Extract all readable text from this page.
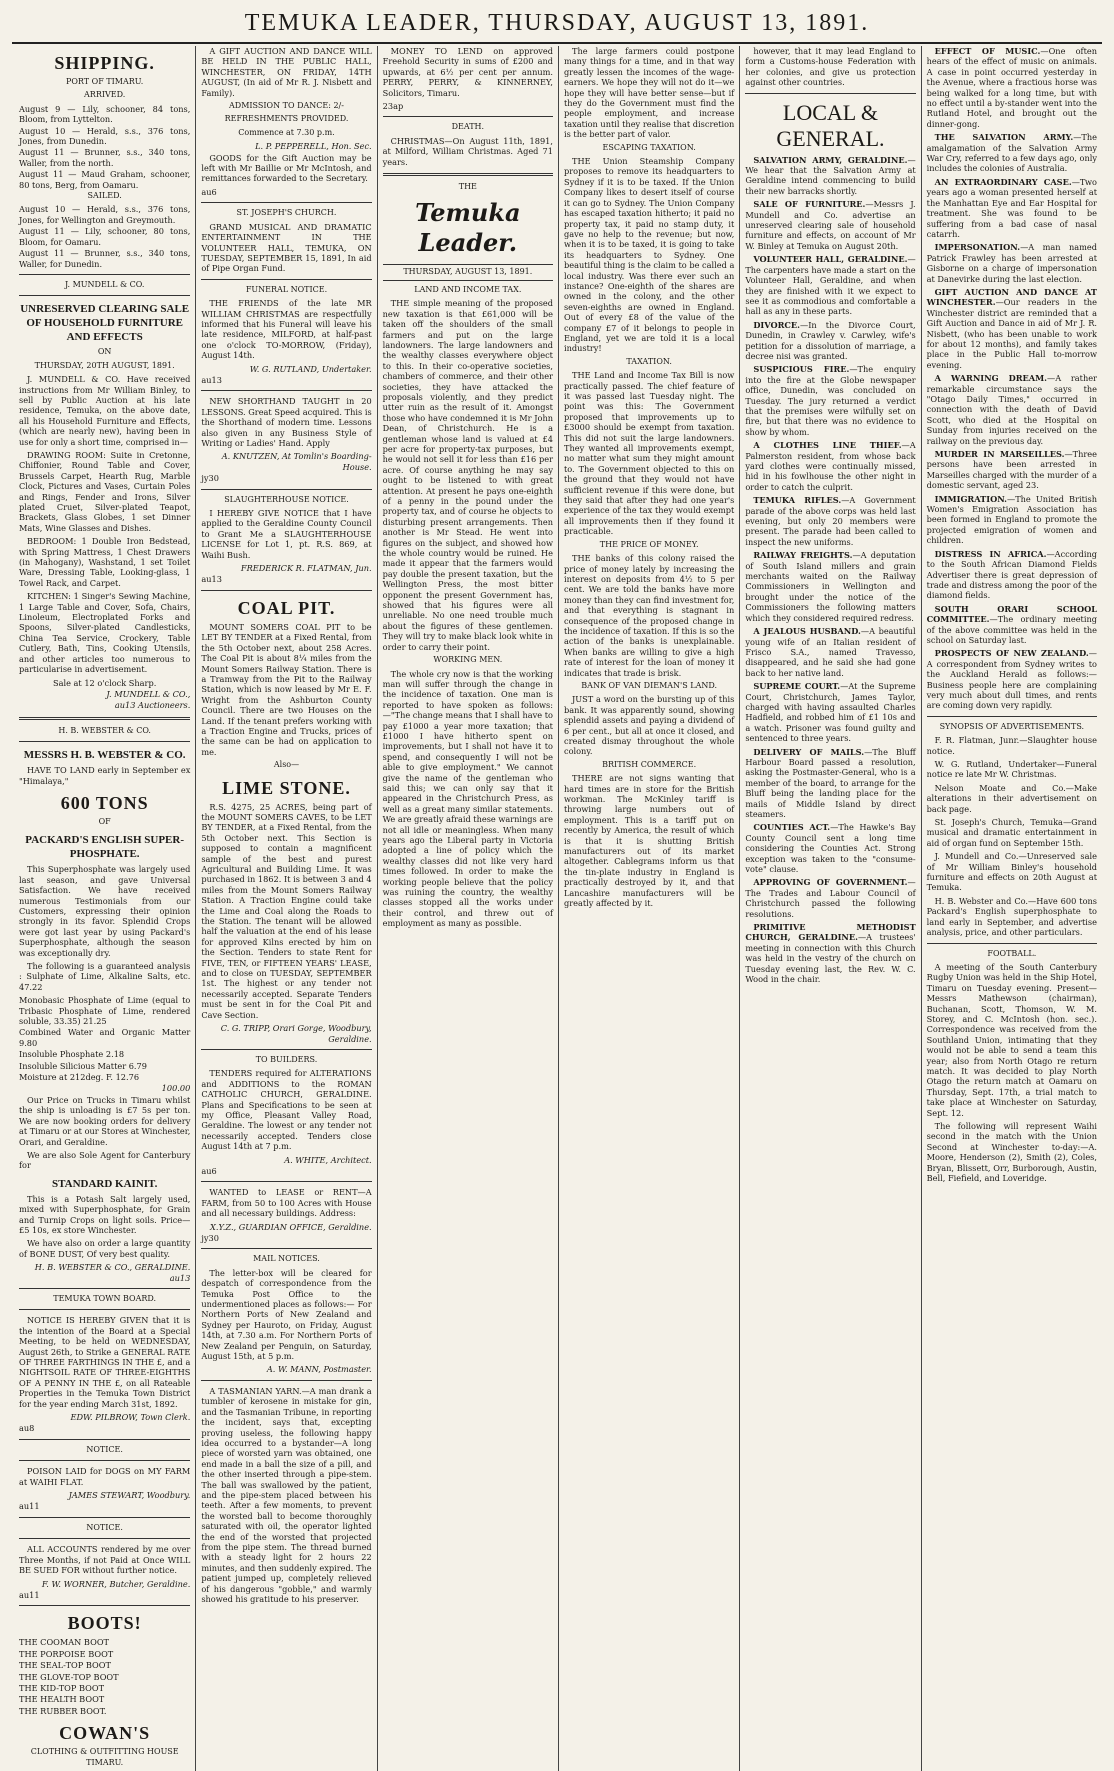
TEMUKA LEADER, THURSDAY, AUGUST 13, 1891.
SHIPPING.
PORT OF TIMARU.
ARRIVED.
August 9 — Lily, schooner, 84 tons, Bloom, from Lyttelton.
August 10 — Herald, s.s., 376 tons, Jones, from Dunedin.
August 11 — Brunner, s.s., 340 tons, Waller, from the north.
August 11 — Maud Graham, schooner, 80 tons, Berg, from Oamaru.
SAILED.
August 10 — Herald, s.s., 376 tons, Jones, for Wellington and Greymouth.
August 11 — Lily, schooner, 80 tons, Bloom, for Oamaru.
August 11 — Brunner, s.s., 340 tons, Waller, for Dunedin.
J. MUNDELL & CO.
UNRESERVED CLEARING SALE OF HOUSEHOLD FURNITURE AND EFFECTS
ON
THURSDAY, 20TH AUGUST, 1891.

J. MUNDELL & CO. Have received instructions from Mr William Binley, to sell by Public Auction at his late residence, Temuka, on the above date, all his Household Furniture and Effects, (which are nearly new), having been in use for only a short time, comprised in—

DRAWING ROOM: Suite in Cretonne, Chiffonier, Round Table and Cover, Brussels Carpet, Hearth Rug, Marble Clock, Pictures and Vases, Curtain Poles and Rings, Fender and Irons, Silver plated Cruet, Silver-plated Teapot, Brackets, Glass Globes, 1 set Dinner Mats, Wine Glasses and Dishes.

BEDROOM: 1 Double Iron Bedstead, with Spring Mattress, 1 Chest Drawers (in Mahogany), Washstand, 1 set Toilet Ware, Dressing Table, Looking-glass, 1 Towel Rack, and Carpet.

KITCHEN: 1 Singer's Sewing Machine, 1 Large Table and Cover, Sofa, Chairs, Linoleum, Electroplated Forks and Spoons, Silver-plated Candlesticks, China Tea Service, Crockery, Table Cutlery, Bath, Tins, Cooking Utensils, and other articles too numerous to particularise in advertisement.

Sale at 12 o'clock Sharp.
J. MUNDELL & CO.,
au13 Auctioneers.
H. B. WEBSTER & CO.
MESSRS H. B. WEBSTER & CO.

HAVE TO LAND early in September ex "Himalaya,"

600 TONS
OF
PACKARD'S ENGLISH SUPER-PHOSPHATE.

This Superphosphate was largely used last season, and gave Universal Satisfaction. We have received numerous Testimonials from our Customers, expressing their opinion strongly in its favor. Splendid Crops were got last year by using Packard's Superphosphate, although the season was exceptionally dry.

The following is a guaranteed analysis : Sulphate of Lime, Alkaline Salts, etc. 47.22

Monobasic Phosphate of Lime (equal to Tribasic Phosphate of Lime, rendered soluble, 33.35) 21.25
Combined Water and Organic Matter 9.80
Insoluble Phosphate 2.18
Insoluble Silicious Matter 6.79
Moisture at 212deg. F. 12.76
100.00

Our Price on Trucks in Timaru whilst the ship is unloading is £7 5s per ton. We are now booking orders for delivery at Timaru or at our Stores at Winchester, Orari, and Geraldine.

We are also Sole Agent for Canterbury for

STANDARD KAINIT.

This is a Potash Salt largely used, mixed with Superphosphate, for Grain and Turnip Crops on light soils. Price—£5 10s, ex store Winchester.

We have also on order a large quantity of BONE DUST, Of very best quality.

H. B. WEBSTER & CO., GERALDINE. au13
TEMUKA TOWN BOARD.

NOTICE IS HEREBY GIVEN that it is the intention of the Board at a Special Meeting, to be held on WEDNESDAY, August 26th, to Strike a GENERAL RATE OF THREE FARTHINGS IN THE £, and a NIGHTSOIL RATE OF THREE-EIGHTHS OF A PENNY IN THE £, on all Rateable Properties in the Temuka Town District for the year ending March 31st, 1892.

EDW. PILBROW, Town Clerk.
au8
NOTICE.

POISON LAID for DOGS on MY FARM at WAIHI FLAT.

JAMES STEWART, Woodbury.
au11
NOTICE.

ALL ACCOUNTS rendered by me over Three Months, if not Paid at Once WILL BE SUED FOR without further notice.

F. W. WORNER, Butcher, Geraldine.
au11
BOOTS!
THE COOMAN BOOT
THE PORPOISE BOOT
THE SEAL-TOP BOOT
THE GLOVE-TOP BOOT
THE KID-TOP BOOT
THE HEALTH BOOT
THE RUBBER BOOT.
COWAN'S
CLOTHING & OUTFITTING HOUSE TIMARU.

A GIFT AUCTION AND DANCE WILL BE HELD IN THE PUBLIC HALL, WINCHESTER, ON FRIDAY, 14TH AUGUST, (In aid of Mr R. J. Nisbett and Family).

ADMISSION TO DANCE: 2/-
REFRESHMENTS PROVIDED.
Commence at 7.30 p.m.
L. P. PEPPERELL, Hon. Sec.

GOODS for the Gift Auction may be left with Mr Baillie or Mr McIntosh, and remittances forwarded to the Secretary.

au6
ST. JOSEPH'S CHURCH.

GRAND MUSICAL AND DRAMATIC ENTERTAINMENT IN THE VOLUNTEER HALL, TEMUKA, ON TUESDAY, SEPTEMBER 15, 1891, In aid of Pipe Organ Fund.

FUNERAL NOTICE.

THE FRIENDS of the late MR WILLIAM CHRISTMAS are respectfully informed that his Funeral will leave his late residence, MILFORD, at half-past one o'clock TO-MORROW, (Friday), August 14th.

W. G. RUTLAND, Undertaker.
au13

NEW SHORTHAND TAUGHT in 20 LESSONS. Great Speed acquired. This is the Shorthand of modern time. Lessons also given in any Business Style of Writing or Ladies' Hand. Apply

A. KNUTZEN, At Tomlin's Boarding-House.
jy30
SLAUGHTERHOUSE NOTICE.

I HEREBY GIVE NOTICE that I have applied to the Geraldine County Council to Grant Me a SLAUGHTERHOUSE LICENSE for Lot 1, pt. R.S. 869, at Waihi Bush.

FREDERICK R. FLATMAN, Jun.
au13
COAL PIT.

MOUNT SOMERS COAL PIT to be LET BY TENDER at a Fixed Rental, from the 5th October next, about 258 Acres. The Coal Pit is about 8¼ miles from the Mount Somers Railway Station. There is a Tramway from the Pit to the Railway Station, which is now leased by Mr E. F. Wright from the Ashburton County Council. There are two Houses on the Land. If the tenant prefers working with a Traction Engine and Trucks, prices of the same can be had on application to me.

Also—
LIME STONE.

R.S. 4275, 25 ACRES, being part of the MOUNT SOMERS CAVES, to be LET BY TENDER, at a Fixed Rental, from the 5th October next. This Section is supposed to contain a magnificent sample of the best and purest Agricultural and Building Lime. It was purchased in 1862. It is between 3 and 4 miles from the Mount Somers Railway Station. A Traction Engine could take the Lime and Coal along the Roads to the Station. The tenant will be allowed half the valuation at the end of his lease for approved Kilns erected by him on the Section. Tenders to state Rent for FIVE, TEN, or FIFTEEN YEARS' LEASE, and to close on TUESDAY, SEPTEMBER 1st. The highest or any tender not necessarily accepted. Separate Tenders must be sent in for the Coal Pit and Cave Section.

C. G. TRIPP, Orari Gorge, Woodbury, Geraldine.
TO BUILDERS.

TENDERS required for ALTERATIONS and ADDITIONS to the ROMAN CATHOLIC CHURCH, GERALDINE. Plans and Specifications to be seen at my Office, Pleasant Valley Road, Geraldine. The lowest or any tender not necessarily accepted. Tenders close August 14th at 7 p.m.

A. WHITE, Architect.
au6

WANTED to LEASE or RENT—A FARM, from 50 to 100 Acres with House and all necessary buildings. Address:

X.Y.Z., GUARDIAN OFFICE, Geraldine.
jy30
MAIL NOTICES.

The letter-box will be cleared for despatch of correspondence from the Temuka Post Office to the undermentioned places as follows:— For Northern Ports of New Zealand and Sydney per Hauroto, on Friday, August 14th, at 7.30 a.m. For Northern Ports of New Zealand per Penguin, on Saturday, August 15th, at 5 p.m.

A. W. MANN, Postmaster.

A TASMANIAN YARN.—A man drank a tumbler of kerosene in mistake for gin, and the Tasmanian Tribune, in reporting the incident, says that, excepting proving useless, the following happy idea occurred to a bystander—A long piece of worsted yarn was obtained, one end made in a ball the size of a pill, and the other inserted through a pipe-stem. The ball was swallowed by the patient, and the pipe-stem placed between his teeth. After a few moments, to prevent the worsted ball to become thoroughly saturated with oil, the operator lighted the end of the worsted that projected from the pipe stem. The thread burned with a steady light for 2 hours 22 minutes, and then suddenly expired. The patient jumped up, completely relieved of his dangerous "gobble," and warmly showed his gratitude to his preserver.

MONEY TO LEND on approved Freehold Security in sums of £200 and upwards, at 6½ per cent per annum. PERRY, PERRY, & KINNERNEY, Solicitors, Timaru.

23ap
DEATH.

CHRISTMAS—On August 11th, 1891, at Milford, William Christmas. Aged 71 years.

THE
Temuka Leader.
THURSDAY, AUGUST 13, 1891.
LAND AND INCOME TAX.

THE simple meaning of the proposed new taxation is that £61,000 will be taken off the shoulders of the small farmers and put on the large landowners. The large landowners and the wealthy classes everywhere object to this. In their co-operative societies, chambers of commerce, and their other societies, they have attacked the proposals violently, and they predict utter ruin as the result of it. Amongst those who have condemned it is Mr John Dean, of Christchurch. He is a gentleman whose land is valued at £4 per acre for property-tax purposes, but he would not sell it for less than £16 per acre. Of course anything he may say ought to be listened to with great attention. At present he pays one-eighth of a penny in the pound under the property tax, and of course he objects to disturbing present arrangements. Then another is Mr Stead. He went into figures on the subject, and showed how the whole country would be ruined. He made it appear that the farmers would pay double the present taxation, but the Wellington Press, the most bitter opponent the present Government has, showed that his figures were all unreliable. No one need trouble much about the figures of these gentlemen. They will try to make black look white in order to carry their point.

WORKING MEN.

The whole cry now is that the working man will suffer through the change in the incidence of taxation. One man is reported to have spoken as follows:—"The change means that I shall have to pay £1000 a year more taxation; that £1000 I have hitherto spent on improvements, but I shall not have it to spend, and consequently I will not be able to give employment." We cannot give the name of the gentleman who said this; we can only say that it appeared in the Christchurch Press, as well as a great many similar statements. We are greatly afraid these warnings are not all idle or meaningless. When many years ago the Liberal party in Victoria adopted a line of policy which the wealthy classes did not like very hard times followed. In order to make the working people believe that the policy was ruining the country, the wealthy classes stopped all the works under their control, and threw out of employment as many as possible.

The large farmers could postpone many things for a time, and in that way greatly lessen the incomes of the wage-earners. We hope they will not do it—we hope they will have better sense—but if they do the Government must find the people employment, and increase taxation until they realise that discretion is the better part of valor.

ESCAPING TAXATION.

THE Union Steamship Company proposes to remove its headquarters to Sydney if it is to be taxed. If the Union Company likes to desert itself of course it can go to Sydney. The Union Company has escaped taxation hitherto; it paid no property tax, it paid no stamp duty, it gave no help to the revenue; but now, when it is to be taxed, it is going to take its headquarters to Sydney. One beautiful thing is the claim to be called a local industry. Was there ever such an instance? One-eighth of the shares are owned in the colony, and the other seven-eighths are owned in England. Out of every £8 of the value of the company £7 of it belongs to people in England, yet we are told it is a local industry!

TAXATION.

THE Land and Income Tax Bill is now practically passed. The chief feature of it was passed last Tuesday night. The point was this: The Government proposed that improvements up to £3000 should be exempt from taxation. This did not suit the large landowners. They wanted all improvements exempt, no matter what sum they might amount to. The Government objected to this on the ground that they would not have sufficient revenue if this were done, but they said that after they had one year's experience of the tax they would exempt all improvements then if they found it practicable.

THE PRICE OF MONEY.

THE banks of this colony raised the price of money lately by increasing the interest on deposits from 4½ to 5 per cent. We are told the banks have more money than they can find investment for, and that everything is stagnant in consequence of the proposed change in the incidence of taxation. If this is so the action of the banks is unexplainable. When banks are willing to give a high rate of interest for the loan of money it indicates that trade is brisk.

BANK OF VAN DIEMAN'S LAND.

JUST a word on the bursting up of this bank. It was apparently sound, showing splendid assets and paying a dividend of 6 per cent., but all at once it closed, and created dismay throughout the whole colony.

BRITISH COMMERCE.

THERE are not signs wanting that hard times are in store for the British workman. The McKinley tariff is throwing large numbers out of employment. This is a tariff put on recently by America, the result of which is that it is shutting British manufacturers out of its market altogether. Cablegrams inform us that the tin-plate industry in England is practically destroyed by it, and that Lancashire manufacturers will be greatly affected by it.

however, that it may lead England to form a Customs-house Federation with her colonies, and give us protection against other countries.

LOCAL & GENERAL.
SALVATION ARMY, GERALDINE.—We hear that the Salvation Army at Geraldine intend commencing to build their new barracks shortly.
SALE OF FURNITURE.—Messrs J. Mundell and Co. advertise an unreserved clearing sale of household furniture and effects, on account of Mr W. Binley at Temuka on August 20th.
VOLUNTEER HALL, GERALDINE.—The carpenters have made a start on the Volunteer Hall, Geraldine, and when they are finished with it we expect to see it as commodious and comfortable a hall as any in these parts.
DIVORCE.—In the Divorce Court, Dunedin, in Crawley v. Carwley, wife's petition for a dissolution of marriage, a decree nisi was granted.
SUSPICIOUS FIRE.—The enquiry into the fire at the Globe newspaper office, Dunedin, was concluded on Tuesday. The jury returned a verdict that the premises were wilfully set on fire, but that there was no evidence to show by whom.
A CLOTHES LINE THIEF.—A Palmerston resident, from whose back yard clothes were continually missed, hid in his fowlhouse the other night in order to catch the culprit.
TEMUKA RIFLES.—A Government parade of the above corps was held last evening, but only 20 members were present. The parade had been called to inspect the new uniforms.
RAILWAY FREIGHTS.—A deputation of South Island millers and grain merchants waited on the Railway Commissioners in Wellington and brought under the notice of the Commissioners the following matters which they considered required redress.
A JEALOUS HUSBAND.—A beautiful young wife of an Italian resident of Frisco S.A., named Travesso, disappeared, and he said she had gone back to her native land.
SUPREME COURT.—At the Supreme Court, Christchurch, James Taylor, charged with having assaulted Charles Hadfield, and robbed him of £1 10s and a watch. Prisoner was found guilty and sentenced to three years.
DELIVERY OF MAILS.—The Bluff Harbour Board passed a resolution, asking the Postmaster-General, who is a member of the board, to arrange for the Bluff being the landing place for the mails of Middle Island by direct steamers.
COUNTIES ACT.—The Hawke's Bay County Council sent a long time considering the Counties Act. Strong exception was taken to the "consume-vote" clause.
APPROVING OF GOVERNMENT.—The Trades and Labour Council of Christchurch passed the following resolutions.
PRIMITIVE METHODIST CHURCH, GERALDINE.—A trustees' meeting in connection with this Church was held in the vestry of the church on Tuesday evening last, the Rev. W. C. Wood in the chair.
EFFECT OF MUSIC.—One often hears of the effect of music on animals. A case in point occurred yesterday in the Avenue, where a fractious horse was being walked for a long time, but with no effect until a by-stander went into the Rutland Hotel, and brought out the dinner-gong.
THE SALVATION ARMY.—The amalgamation of the Salvation Army War Cry, referred to a few days ago, only includes the colonies of Australia.
AN EXTRAORDINARY CASE.—Two years ago a woman presented herself at the Manhattan Eye and Ear Hospital for treatment. She was found to be suffering from a bad case of nasal catarrh.
IMPERSONATION.—A man named Patrick Frawley has been arrested at Gisborne on a charge of impersonation at Danevirke during the last election.
GIFT AUCTION AND DANCE AT WINCHESTER.—Our readers in the Winchester district are reminded that a Gift Auction and Dance in aid of Mr J. R. Nisbett, (who has been unable to work for about 12 months), and family takes place in the Public Hall to-morrow evening.
A WARNING DREAM.—A rather remarkable circumstance says the "Otago Daily Times," occurred in connection with the death of David Scott, who died at the Hospital on Sunday from injuries received on the railway on the previous day.
MURDER IN MARSEILLES.—Three persons have been arrested in Marseilles charged with the murder of a domestic servant, aged 23.
IMMIGRATION.—The United British Women's Emigration Association has been formed in England to promote the projected emigration of women and children.
DISTRESS IN AFRICA.—According to the South African Diamond Fields Advertiser there is great depression of trade and distress among the poor of the diamond fields.
SOUTH ORARI SCHOOL COMMITTEE.—The ordinary meeting of the above committee was held in the school on Saturday last.
PROSPECTS OF NEW ZEALAND.—A correspondent from Sydney writes to the Auckland Herald as follows:— Business people here are complaining very much about dull times, and rents are coming down very rapidly.
SYNOPSIS OF ADVERTISEMENTS.
F. R. Flatman, Junr.—Slaughter house notice.
W. G. Rutland, Undertaker—Funeral notice re late Mr W. Christmas.
Nelson Moate and Co.—Make alterations in their advertisement on back page.
St. Joseph's Church, Temuka—Grand musical and dramatic entertainment in aid of organ fund on September 15th.
J. Mundell and Co.—Unreserved sale of Mr William Binley's household furniture and effects on 20th August at Temuka.
H. B. Webster and Co.—Have 600 tons Packard's English superphosphate to land early in September, and advertise analysis, price, and other particulars.
FOOTBALL.

A meeting of the South Canterbury Rugby Union was held in the Ship Hotel, Timaru on Tuesday evening. Present—Messrs Mathewson (chairman), Buchanan, Scott, Thomson, W. M. Storey, and C. McIntosh (hon. sec.). Correspondence was received from the Southland Union, intimating that they would not be able to send a team this year; also from North Otago re return match. It was decided to play North Otago the return match at Oamaru on Thursday, Sept. 17th, a trial match to take place at Winchester on Saturday, Sept. 12.

The following will represent Waihi second in the match with the Union Second at Winchester to-day:—A. Moore, Henderson (2), Smith (2), Coles, Bryan, Blissett, Orr, Burborough, Austin, Bell, Fiefield, and Loveridge.
